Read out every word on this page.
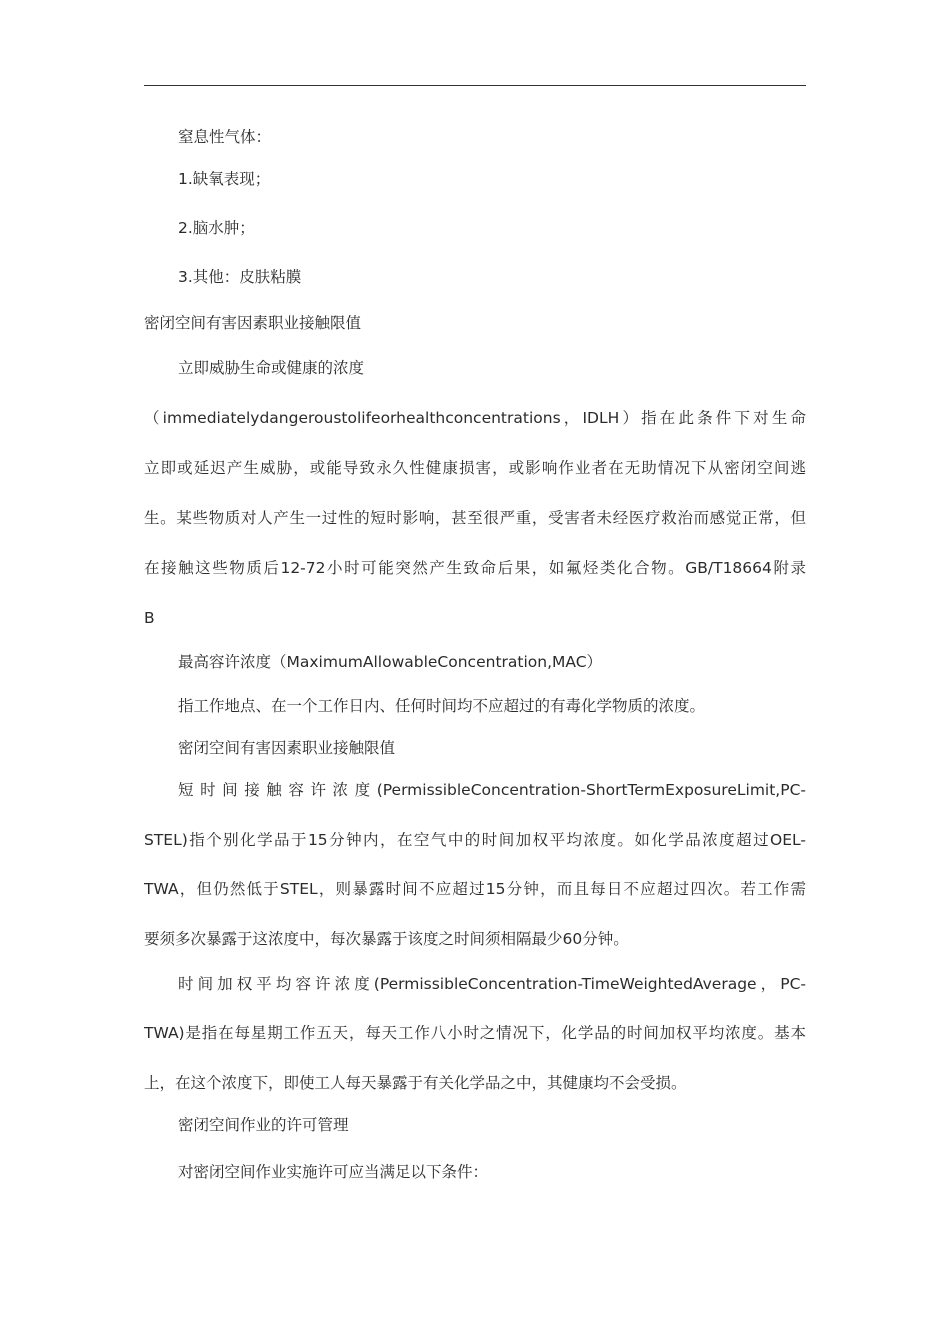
窒息性气体：
1.缺氧表现；
2.脑水肿；
3.其他：皮肤粘膜
密闭空间有害因素职业接触限值
立即威胁生命或健康的浓度
（immediatelydangeroustolifeorhealthconcentrations，IDLH）指在此条件下对生命
立即或延迟产生威胁，或能导致永久性健康损害，或影响作业者在无助情况下从密闭空间逃
生。某些物质对人产生一过性的短时影响，甚至很严重，受害者未经医疗救治而感觉正常，但
在接触这些物质后12-72小时可能突然产生致命后果，如氟烃类化合物。GB/T18664附录
B
最高容许浓度（MaximumAllowableConcentration,MAC）
指工作地点、在一个工作日内、任何时间均不应超过的有毒化学物质的浓度。
密闭空间有害因素职业接触限值
短时间接触容许浓度(PermissibleConcentration-ShortTermExposureLimit,PC-
STEL)指个别化学品于15分钟内，在空气中的时间加权平均浓度。如化学品浓度超过OEL-
TWA，但仍然低于STEL，则暴露时间不应超过15分钟，而且每日不应超过四次。若工作需
要须多次暴露于这浓度中，每次暴露于该度之时间须相隔最少60分钟。
时间加权平均容许浓度(PermissibleConcentration-TimeWeightedAverage，PC-
TWA)是指在每星期工作五天，每天工作八小时之情况下，化学品的时间加权平均浓度。基本
上，在这个浓度下，即使工人每天暴露于有关化学品之中，其健康均不会受损。
密闭空间作业的许可管理
对密闭空间作业实施许可应当满足以下条件：
